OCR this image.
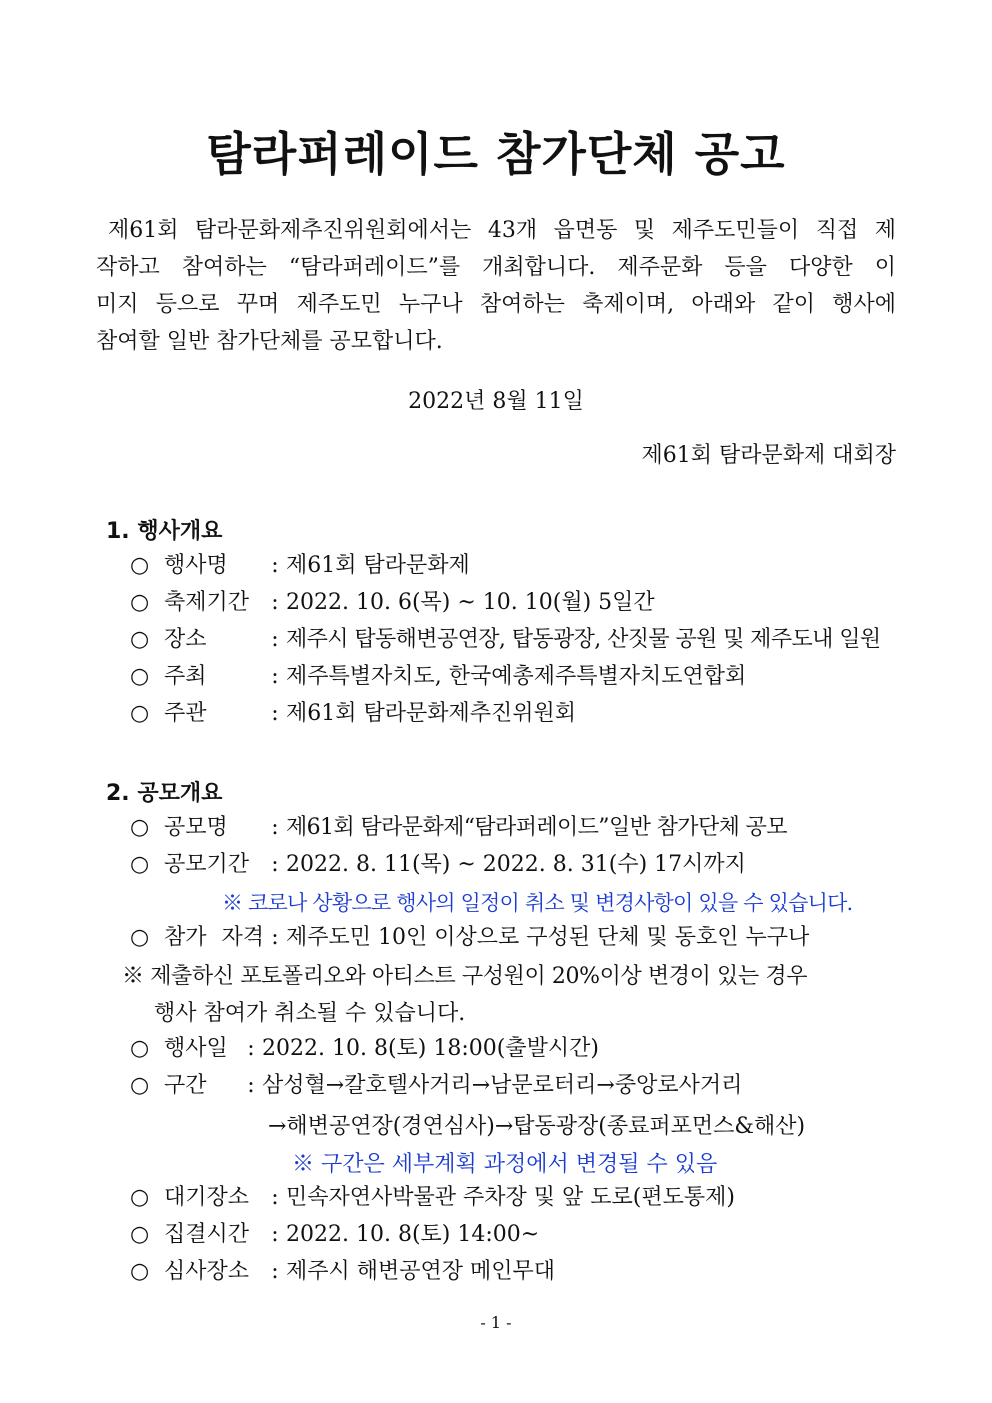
탐라퍼레이드 참가단체 공고
제61회 탐라문화제추진위원회에서는 43개 읍면동 및 제주도민들이 직접 제
작하고 참여하는 “탐라퍼레이드”를 개최합니다. 제주문화 등을 다양한 이
미지 등으로 꾸며 제주도민 누구나 참여하는 축제이며, 아래와 같이 행사에
참여할 일반 참가단체를 공모합니다.
2022년 8월 11일
제61회 탐라문화제 대회장
1. 행사개요
○ 행사명 : 제61회 탐라문화제
○ 축제기간 : 2022. 10. 6(목) ~ 10. 10(월) 5일간
○ 장소	: 제주시 탑동해변공연장, 탑동광장, 산짓물 공원 및 제주도내 일원
○ 주최	: 제주특별자치도, 한국예총제주특별자치도연합회
○ 주관	: 제61회 탐라문화제추진위원회
2. 공모개요
○ 공모명 : 제61회 탐라문화제“탐라퍼레이드”일반 참가단체 공모
○ 공모기간 : 2022. 8. 11(목) ~ 2022. 8. 31(수) 17시까지
※ 코로나 상황으로 행사의 일정이 취소 및 변경사항이 있을 수 있습니다.
○ 참가 자격 : 제주도민 10인 이상으로 구성된 단체 및 동호인 누구나
※ 제출하신 포토폴리오와 아티스트 구성원이 20%이상 변경이 있는 경우
행사 참여가 취소될 수 있습니다.
○ 행사일 : 2022. 10. 8(토) 18:00(출발시간)
○ 구간 : 삼성혈→칼호텔사거리→남문로터리→중앙로사거리
→해변공연장(경연심사)→탑동광장(종료퍼포먼스&해산)
※ 구간은 세부계획 과정에서 변경될 수 있음
○ 대기장소 : 민속자연사박물관 주차장 및 앞 도로(편도통제)
○ 집결시간 : 2022. 10. 8(토) 14:00~
○ 심사장소 : 제주시 해변공연장 메인무대
- 1 -
